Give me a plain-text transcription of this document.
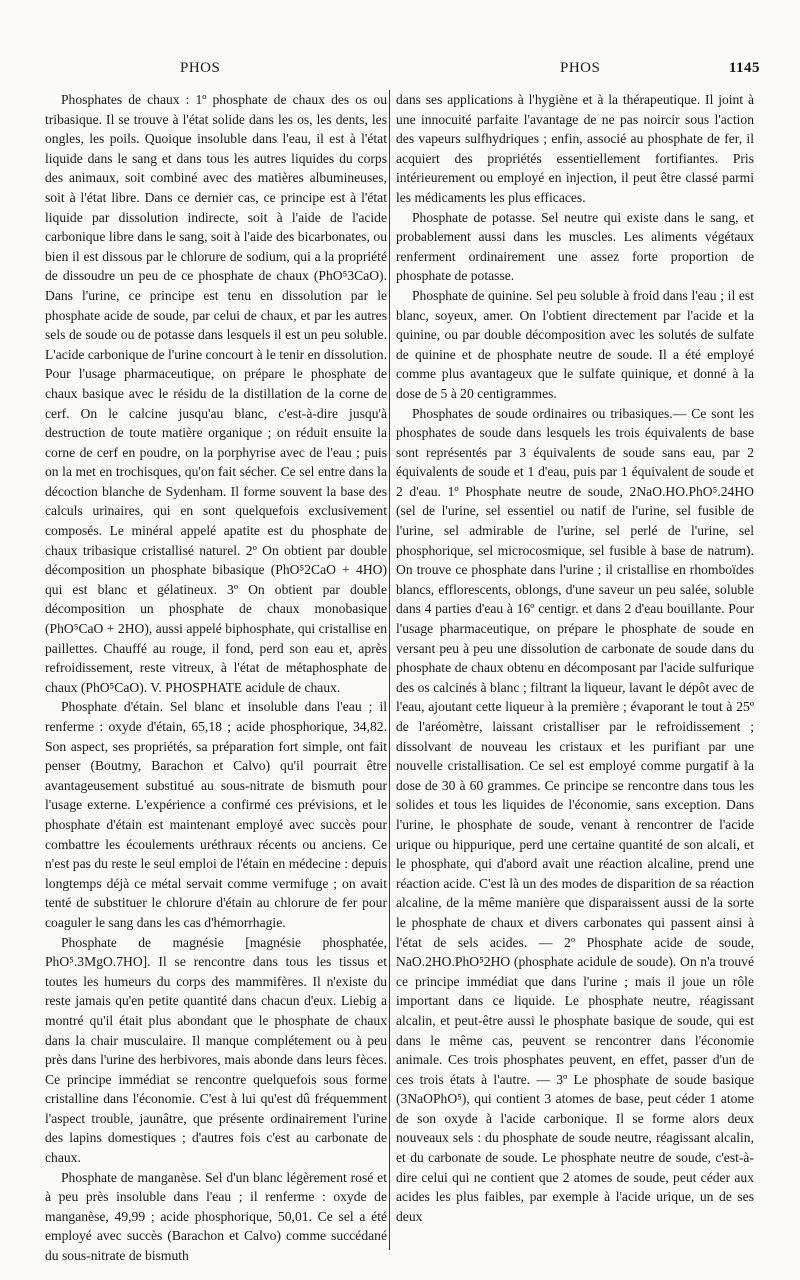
PHOS	PHOS	1145

Phosphates de chaux : 1º phosphate de chaux des os ou tribasique. Il se trouve à l'état solide dans les os, les dents, les ongles, les poils. Quoique insoluble dans l'eau, il est à l'état liquide dans le sang et dans tous les autres liquides du corps des animaux, soit combiné avec des matières albumineuses, soit à l'état libre. Dans ce dernier cas, ce principe est à l'état liquide par dissolution indirecte, soit à l'aide de l'acide carbonique libre dans le sang, soit à l'aide des bicarbonates, ou bien il est dissous par le chlorure de sodium, qui a la propriété de dissoudre un peu de ce phosphate de chaux (PhO⁵3CaO). Dans l'urine, ce principe est tenu en dissolution par le phosphate acide de soude, par celui de chaux, et par les autres sels de soude ou de potasse dans lesquels il est un peu soluble. L'acide carbonique de l'urine concourt à le tenir en dissolution. Pour l'usage pharmaceutique, on prépare le phosphate de chaux basique avec le résidu de la distillation de la corne de cerf. On le calcine jusqu'au blanc, c'est-à-dire jusqu'à destruction de toute matière organique ; on réduit ensuite la corne de cerf en poudre, on la porphyrise avec de l'eau ; puis on la met en trochisques, qu'on fait sécher. Ce sel entre dans la décoction blanche de Sydenham. Il forme souvent la base des calculs urinaires, qui en sont quelquefois exclusivement composés. Le minéral appelé apatite est du phosphate de chaux tribasique cristallisé naturel. 2º On obtient par double décomposition un phosphate bibasique (PhO⁵2CaO + 4HO) qui est blanc et gélatineux. 3º On obtient par double décomposition un phosphate de chaux monobasique (PhO⁵CaO + 2HO), aussi appelé biphosphate, qui cristallise en paillettes. Chauffé au rouge, il fond, perd son eau et, après refroidissement, reste vitreux, à l'état de métaphosphate de chaux (PhO⁵CaO). V. PHOSPHATE acidule de chaux.

Phosphate d'étain. Sel blanc et insoluble dans l'eau ; il renferme : oxyde d'étain, 65,18 ; acide phosphorique, 34,82. Son aspect, ses propriétés, sa préparation fort simple, ont fait penser (Boutmy, Barachon et Calvo) qu'il pourrait être avantageusement substitué au sous-nitrate de bismuth pour l'usage externe. L'expérience a confirmé ces prévisions, et le phosphate d'étain est maintenant employé avec succès pour combattre les écoulements uréthraux récents ou anciens. Ce n'est pas du reste le seul emploi de l'étain en médecine : depuis longtemps déjà ce métal servait comme vermifuge ; on avait tenté de substituer le chlorure d'étain au chlorure de fer pour coaguler le sang dans les cas d'hémorrhagie.

Phosphate de magnésie [magnésie phosphatée, PhO⁵.3MgO.7HO]. Il se rencontre dans tous les tissus et toutes les humeurs du corps des mammifères. Il n'existe du reste jamais qu'en petite quantité dans chacun d'eux. Liebig a montré qu'il était plus abondant que le phosphate de chaux dans la chair musculaire. Il manque complétement ou à peu près dans l'urine des herbivores, mais abonde dans leurs fèces. Ce principe immédiat se rencontre quelquefois sous forme cristalline dans l'économie. C'est à lui qu'est dû fréquemment l'aspect trouble, jaunâtre, que présente ordinairement l'urine des lapins domestiques ; d'autres fois c'est au carbonate de chaux.

Phosphate de manganèse. Sel d'un blanc légèrement rosé et à peu près insoluble dans l'eau ; il renferme : oxyde de manganèse, 49,99 ; acide phosphorique, 50,01. Ce sel a été employé avec succès (Barachon et Calvo) comme succédané du sous-nitrate de bismuth

dans ses applications à l'hygiène et à la thérapeutique. Il joint à une innocuité parfaite l'avantage de ne pas noircir sous l'action des vapeurs sulfhydriques ; enfin, associé au phosphate de fer, il acquiert des propriétés essentiellement fortifiantes. Pris intérieurement ou employé en injection, il peut être classé parmi les médicaments les plus efficaces.

Phosphate de potasse. Sel neutre qui existe dans le sang, et probablement aussi dans les muscles. Les aliments végétaux renferment ordinairement une assez forte proportion de phosphate de potasse.

Phosphate de quinine. Sel peu soluble à froid dans l'eau ; il est blanc, soyeux, amer. On l'obtient directement par l'acide et la quinine, ou par double décomposition avec les solutés de sulfate de quinine et de phosphate neutre de soude. Il a été employé comme plus avantageux que le sulfate quinique, et donné à la dose de 5 à 20 centigrammes.

Phosphates de soude ordinaires ou tribasiques.— Ce sont les phosphates de soude dans lesquels les trois équivalents de base sont représentés par 3 équivalents de soude sans eau, par 2 équivalents de soude et 1 d'eau, puis par 1 équivalent de soude et 2 d'eau. 1º Phosphate neutre de soude, 2NaO.HO.PhO⁵.24HO (sel de l'urine, sel essentiel ou natif de l'urine, sel fusible de l'urine, sel admirable de l'urine, sel perlé de l'urine, sel phosphorique, sel microcosmique, sel fusible à base de natrum). On trouve ce phosphate dans l'urine ; il cristallise en rhomboïdes blancs, efflorescents, oblongs, d'une saveur un peu salée, soluble dans 4 parties d'eau à 16º centigr. et dans 2 d'eau bouillante. Pour l'usage pharmaceutique, on prépare le phosphate de soude en versant peu à peu une dissolution de carbonate de soude dans du phosphate de chaux obtenu en décomposant par l'acide sulfurique des os calcinés à blanc ; filtrant la liqueur, lavant le dépôt avec de l'eau, ajoutant cette liqueur à la première ; évaporant le tout à 25º de l'aréomètre, laissant cristalliser par le refroidissement ; dissolvant de nouveau les cristaux et les purifiant par une nouvelle cristallisation. Ce sel est employé comme purgatif à la dose de 30 à 60 grammes. Ce principe se rencontre dans tous les solides et tous les liquides de l'économie, sans exception. Dans l'urine, le phosphate de soude, venant à rencontrer de l'acide urique ou hippurique, perd une certaine quantité de son alcali, et le phosphate, qui d'abord avait une réaction alcaline, prend une réaction acide. C'est là un des modes de disparition de sa réaction alcaline, de la même manière que disparaissent aussi de la sorte le phosphate de chaux et divers carbonates qui passent ainsi à l'état de sels acides. — 2º Phosphate acide de soude, NaO.2HO.PhO⁵2HO (phosphate acidule de soude). On n'a trouvé ce principe immédiat que dans l'urine ; mais il joue un rôle important dans ce liquide. Le phosphate neutre, réagissant alcalin, et peut-être aussi le phosphate basique de soude, qui est dans le même cas, peuvent se rencontrer dans l'économie animale. Ces trois phosphates peuvent, en effet, passer d'un de ces trois états à l'autre. — 3º Le phosphate de soude basique (3NaOPhO⁵), qui contient 3 atomes de base, peut céder 1 atome de son oxyde à l'acide carbonique. Il se forme alors deux nouveaux sels : du phosphate de soude neutre, réagissant alcalin, et du carbonate de soude. Le phosphate neutre de soude, c'est-à-dire celui qui ne contient que 2 atomes de soude, peut céder aux acides les plus faibles, par exemple à l'acide urique, un de ses deux
